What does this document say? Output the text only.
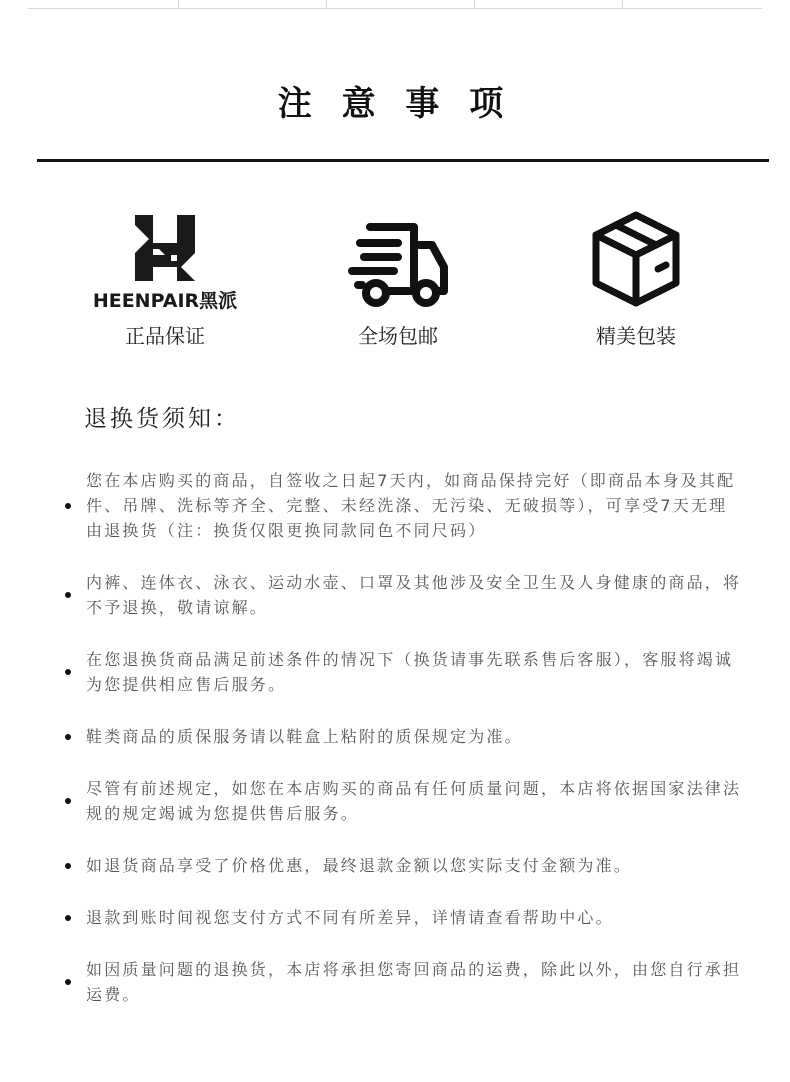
注 意 事 项
HEENPAIR黑派
正品保证	全场包邮	精美包装
退换货须知：
您在本店购买的商品，自签收之日起7天内，如商品保持完好（即商品本身及其配件、吊牌、洗标等齐全、完整、未经洗涤、无污染、无破损等），可享受7天无理由退换货（注：换货仅限更换同款同色不同尺码）
内裤、连体衣、泳衣、运动水壶、口罩及其他涉及安全卫生及人身健康的商品，将不予退换，敬请谅解。
在您退换货商品满足前述条件的情况下（换货请事先联系售后客服），客服将竭诚为您提供相应售后服务。
鞋类商品的质保服务请以鞋盒上粘附的质保规定为准。
尽管有前述规定，如您在本店购买的商品有任何质量问题，本店将依据国家法律法规的规定竭诚为您提供售后服务。
如退货商品享受了价格优惠，最终退款金额以您实际支付金额为准。
退款到账时间视您支付方式不同有所差异，详情请查看帮助中心。
如因质量问题的退换货，本店将承担您寄回商品的运费，除此以外，由您自行承担运费。
